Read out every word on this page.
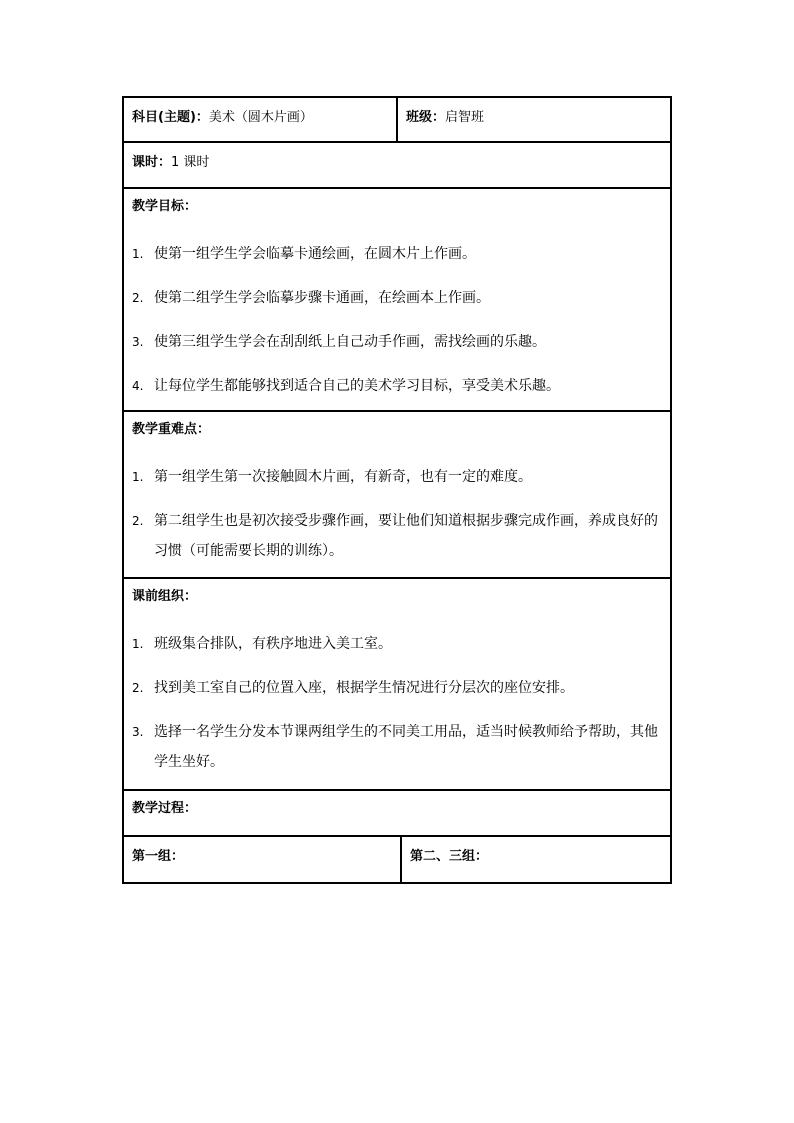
科目(主题)：美术（圆木片画）	班级：启智班
课时：1 课时
教学目标：
1. 使第一组学生学会临摹卡通绘画，在圆木片上作画。
2. 使第二组学生学会临摹步骤卡通画，在绘画本上作画。
3. 使第三组学生学会在刮刮纸上自己动手作画，需找绘画的乐趣。
4. 让每位学生都能够找到适合自己的美术学习目标，享受美术乐趣。
教学重难点：
1. 第一组学生第一次接触圆木片画，有新奇，也有一定的难度。
2. 第二组学生也是初次接受步骤作画，要让他们知道根据步骤完成作画，养成良好的习惯（可能需要长期的训练）。
课前组织：
1. 班级集合排队，有秩序地进入美工室。
2. 找到美工室自己的位置入座，根据学生情况进行分层次的座位安排。
3. 选择一名学生分发本节课两组学生的不同美工用品，适当时候教师给予帮助，其他学生坐好。
教学过程：
第一组：	第二、三组：
